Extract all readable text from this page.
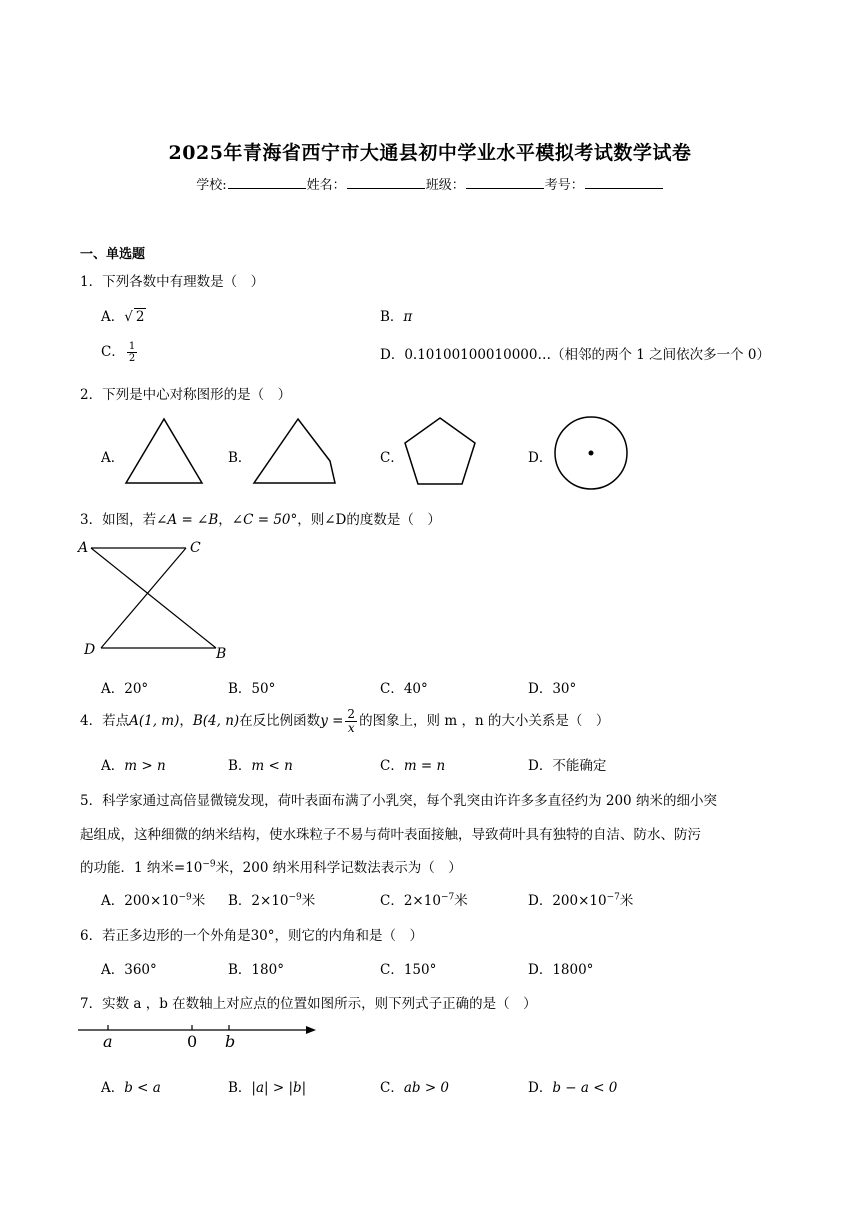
2025年青海省西宁市大通县初中学业水平模拟考试数学试卷
学校:	姓名：	班级：	考号：
一、单选题
1．下列各数中有理数是（　）
A．√ 2	B．π
C． $\frac{1}{2}$	D．0.10100100010000…（相邻的两个 1 之间依次多一个 0）
2．下列是中心对称图形的是（　）
A．	B．	C．	D．
3．如图，若∠A = ∠B，∠C = 50°，则∠D的度数是（　）
A	C
D	B
A．20°	B．50°	C．40°	D．30°
4．若点A(1, m)，B(4, n)在反比例函数$y = \frac{2}{x}$ 的图象上，则 m ，n 的大小关系是（　）
A．m > n	B．m < n	C．m = n	D．不能确定
5．科学家通过高倍显微镜发现，荷叶表面布满了小乳突，每个乳突由许许多多直径约为 200 纳米的细小突
起组成，这种细微的纳米结构，使水珠粒子不易与荷叶表面接触，导致荷叶具有独特的自洁、防水、防污
的功能．1 纳米$=10^{-9}$米，200 纳米用科学记数法表示为（　）
A．$200\times 10^{-9}$米 B．$2\times 10^{-9}$米	C．$2\times 10^{-7}$米	D．$200\times 10^{-7}$米
6．若正多边形的一个外角是30°，则它的内角和是（　）
A．360°	B．180°	C．150°	D．1800°
7．实数 a ，b 在数轴上对应点的位置如图所示，则下列式子正确的是（　）
a	0 b
A．b < a	B．|a| > |b|	C．ab > 0	D．b − a < 0
